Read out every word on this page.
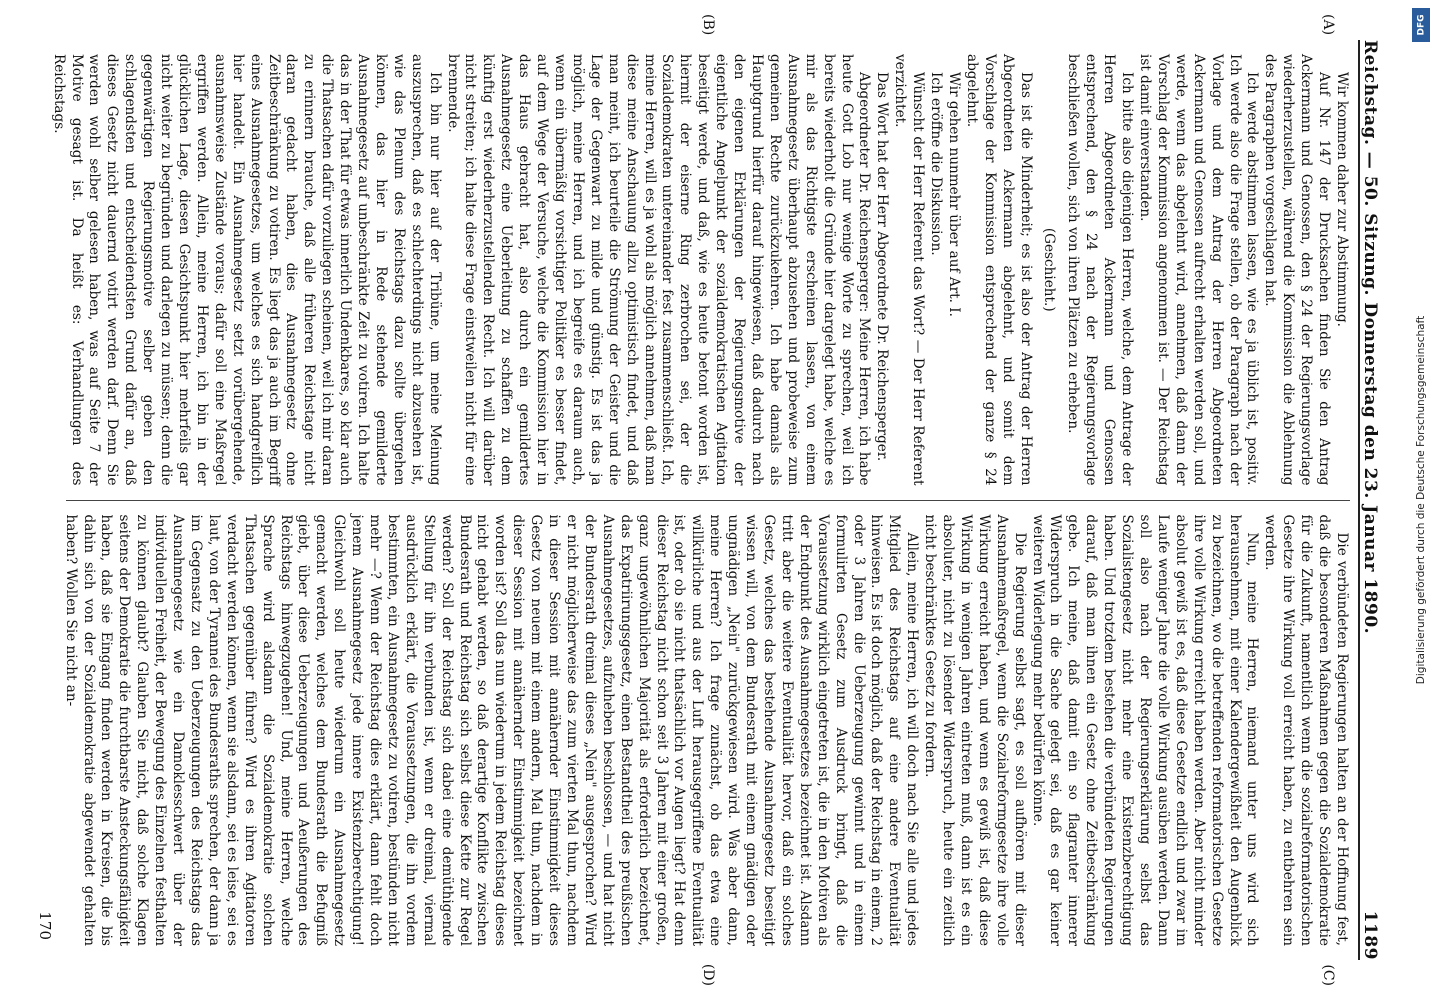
Reichstag. — 50. Sitzung. Donnerstag den 23. Januar 1890.
1189

Wir kommen daher zur Abstimmung.

Auf Nr. 147 der Drucksachen finden Sie den Antrag Ackermann und Genossen, den § 24 der Regierungsvorlage wiederherzustellen, während die Kommission die Ablehnung des Paragraphen vorgeschlagen hat.

Ich werde abstimmen lassen, wie es ja üblich ist, positiv. Ich werde also die Frage stellen, ob der Paragraph nach der Vorlage und dem Antrag der Herren Abgeordneten Ackermann und Genossen aufrecht erhalten werden soll, und werde, wenn das abgelehnt wird, annehmen, daß dann der Vorschlag der Kommission angenommen ist. — Der Reichstag ist damit einverstanden.

Ich bitte also diejenigen Herren, welche, dem Antrage der Herren Abgeordneten Ackermann und Genossen entsprechend, den § 24 nach der Regierungsvorlage beschließen wollen, sich von ihren Plätzen zu erheben.

(Geschieht.)

Das ist die Minderheit; es ist also der Antrag der Herren Abgeordneten Ackermann abgelehnt, und somit dem Vorschlage der Kommission entsprechend der ganze § 24 abgelehnt.

Wir gehen nunmehr über auf Art. I.

Ich eröffne die Diskussion.

Wünscht der Herr Referent das Wort? — Der Herr Referent verzichtet.

Das Wort hat der Herr Abgeordnete Dr. Reichensperger.

Abgeordneter Dr. Reichensperger: Meine Herren, ich habe heute Gott Lob nur wenige Worte zu sprechen, weil ich bereits wiederholt die Gründe hier dargelegt habe, welche es mir als das Richtigste erscheinen lassen, von einem Ausnahmegesetz überhaupt abzusehen und probeweise zum gemeinen Rechte zurückzukehren. Ich habe damals als Hauptgrund hierfür darauf hingewiesen, daß dadurch nach den eigenen Erklärungen der Regierungsmotive der eigentliche Angelpunkt der sozialdemokratischen Agitation beseitigt werde, und daß, wie es heute betont worden ist, hiermit der eiserne Ring zerbrochen sei, der die Sozialdemokraten untereinander fest zusammenschließt. Ich, meine Herren, will es ja wohl als möglich annehmen, daß man diese meine Anschauung allzu optimistisch findet, und daß man meint, ich beurteile die Strömung der Geister und die Lage der Gegenwart zu milde und günstig. Es ist das ja möglich, meine Herren, und ich begreife es daraum auch, wenn ein übermäßig vorsichtiger Politiker es besser findet, auf dem Wege der Versuche, welche die Kommission hier in das Haus gebracht hat, also durch ein gemildertes Ausnahmegesetz eine Ueberleitung zu schaffen zu dem künftig erst wiederherzustellenden Recht. Ich will darüber nicht streiten; ich halte diese Frage einstweilen nicht für eine brennende.

Ich bin nur hier auf der Tribüne, um meine Meinung auszusprechen, daß es schlechterdings nicht abzusehen ist, wie das Plenum des Reichstags dazu sollte übergehen können, das hier in Rede stehende gemilderte Ausnahmegesetz auf unbeschränkte Zeit zu votiren. Ich halte das in der That für etwas innerlich Undenkbares, so klar auch die Thatsachen dafür vorzuliegen scheinen, weil ich mir daran zu erinnern brauche, daß alle früheren Reichstage nicht daran gedacht haben, dies Ausnahmegesetz ohne Zeitbeschränkung zu votiren. Es liegt das ja auch im Begriff eines Ausnahmegesetzes, um welches es sich handgreiflich hier handelt. Ein Ausnahmegesetz setzt vorübergehende, ausnahmsweise Zustände voraus; dafür soll eine Maßregel ergriffen werden. Allein, meine Herren, ich bin in der glücklichen Lage, diesen Gesichtspunkt hier mehrfeils gar nicht weiter zu begründen und darlegen zu müssen; denn die gegenwärtigen Regierungsmotive selber geben den schlagendsten und entscheidendsten Grund dafür an, daß dieses Gesetz nicht dauernd votirt werden darf. Denn Sie werden wohl selber gelesen haben, was auf Seite 7 der Motive gesagt ist. Da heißt es: Verhandlungen des Reichstags.

Die verbündeten Regierungen halten an der Hoffnung fest, daß die besonderen Maßnahmen gegen die Sozialdemokratie für die Zukunft, namentlich wenn die sozialreformatorischen Gesetze ihre Wirkung voll erreicht haben, zu entbehren sein werden.

Nun, meine Herren, niemand unter uns wird sich herausnehmen, mit einer Kalendergewißheit den Augenblick zu bezeichnen, wo die betreffenden reformatorischen Gesetze ihre volle Wirkung erreicht haben werden. Aber nicht minder absolut gewiß ist es, daß diese Gesetze endlich und zwar im Laufe weniger Jahre die volle Wirkung ausüben werden. Dann soll also nach der Regierungserklärung selbst das Sozialistengesetz nicht mehr eine Existenzberechtigung haben. Und trotzdem bestehen die verbündeten Regierungen darauf, daß man ihnen ein Gesetz ohne Zeitbeschränkung gebe. Ich meine, daß damit ein so flagranter innerer Widerspruch in die Sache gelegt sei, daß es gar keiner weiteren Widerlegung mehr bedürfen könne.

Die Regierung selbst sagt, es soll aufhören mit dieser Ausnahmemaßregel, wenn die Sozialreformgesetze ihre volle Wirkung erreicht haben, und wenn es gewiß ist, daß diese Wirkung in wenigen Jahren eintreten muß, dann ist es ein absoluter, nicht zu lösender Widerspruch, heute ein zeitlich nicht beschränktes Gesetz zu fordern.

Allein, meine Herren, ich will doch nach Sie alle und jedes Mitglied des Reichstags auf eine andere Eventualität hinweisen. Es ist doch möglich, daß der Reichstag in einem, 2 oder 3 Jahren die Ueberzeugung gewinnt und in einem formulirten Gesetz zum Ausdruck bringt, daß die Voraussetzung wirklich eingetreten ist, die in den Motiven als der Endpunkt des Ausnahmegesetzes bezeichnet ist. Alsdann tritt aber die weitere Eventualität hervor, daß ein solches Gesetz, welches das bestehende Ausnahmegesetz beseitigt wissen will, von dem Bundesrath mit einem gnädigen oder ungnädigen „Nein" zurückgewiesen wird. Was aber dann, meine Herren? Ich frage zunächst, ob das etwa eine willkürliche und aus der Luft herausgegriffene Eventualität ist, oder ob sie nicht thatsächlich vor Augen liegt? Hat denn dieser Reichstag nicht schon seit 3 Jahren mit einer großen, ganz ungewöhnlichen Majorität als erforderlich bezeichnet, das Expatriirungsgesetz, einen Bestandtheil des preußischen Ausnahmegesetzes, aufzuheben beschlossen, — und hat nicht der Bundesrath dreimal dieses „Nein" ausgesprochen? Wird er nicht möglicherweise das zum vierten Mal thun, nachdem in dieser Session mit annähernder Einstimmigkeit dieses Gesetz von neuem mit einem andern, Mal thun, nachdem in dieser Session mit annähernder Einstimmigkeit bezeichnet worden ist? Soll das nun wiederum in jedem Reichstag dieses nicht gehabt werden, so daß derartige Konflikte zwischen Bundesrath und Reichstag sich selbst diese Kette zur Regel werden? Soll der Reichstag sich dabei eine demüthigende Stellung für ihn verbunden ist, wenn er dreimal, viermal ausdrücklich erklärt, die Voraussetzungen, die ihn vordem bestimmten, ein Ausnahmegesetz zu votiren, bestünden nicht mehr —? Wenn der Reichstag dies erklärt, dann fehlt doch jenem Ausnahmegesetz jede innere Existenzberechtigung! Gleichwohl soll heute wiederum ein Ausnahmegesetz gemacht werden, welches dem Bundesrath die Befugniß giebt, über diese Ueberzeugungen und Aeußerungen des Reichstags hinwegzugehen! Und, meine Herren, welche Sprache wird alsdann die Sozialdemokratie solchen Thatsachen gegenüber führen? Wird es ihren Agitatoren verdacht werden können, wenn sie alsdann, sei es leise, sei es laut, von der Tyrannei des Bundesraths sprechen, der dann ja im Gegensatz zu den Ueberzeugungen des Reichstags das Ausnahmegesetz wie ein Damoklesschwert über der individuellen Freiheit, der Bewegung des Einzelnen festhalten zu können glaubt? Glauben Sie nicht, daß solche Klagen seitens der Demokratie die furchtbarste Ansteckungsfähigkeit haben, daß sie Eingang finden werden in Kreisen, die bis dahin sich von der Sozialdemokratie abgewendet gehalten haben? Wollen Sie nicht an-

(A)
(B)
(C)
(D)
170
Digitalisierung gefördert durch die Deutsche Forschungsgemeinschaft
DFG
